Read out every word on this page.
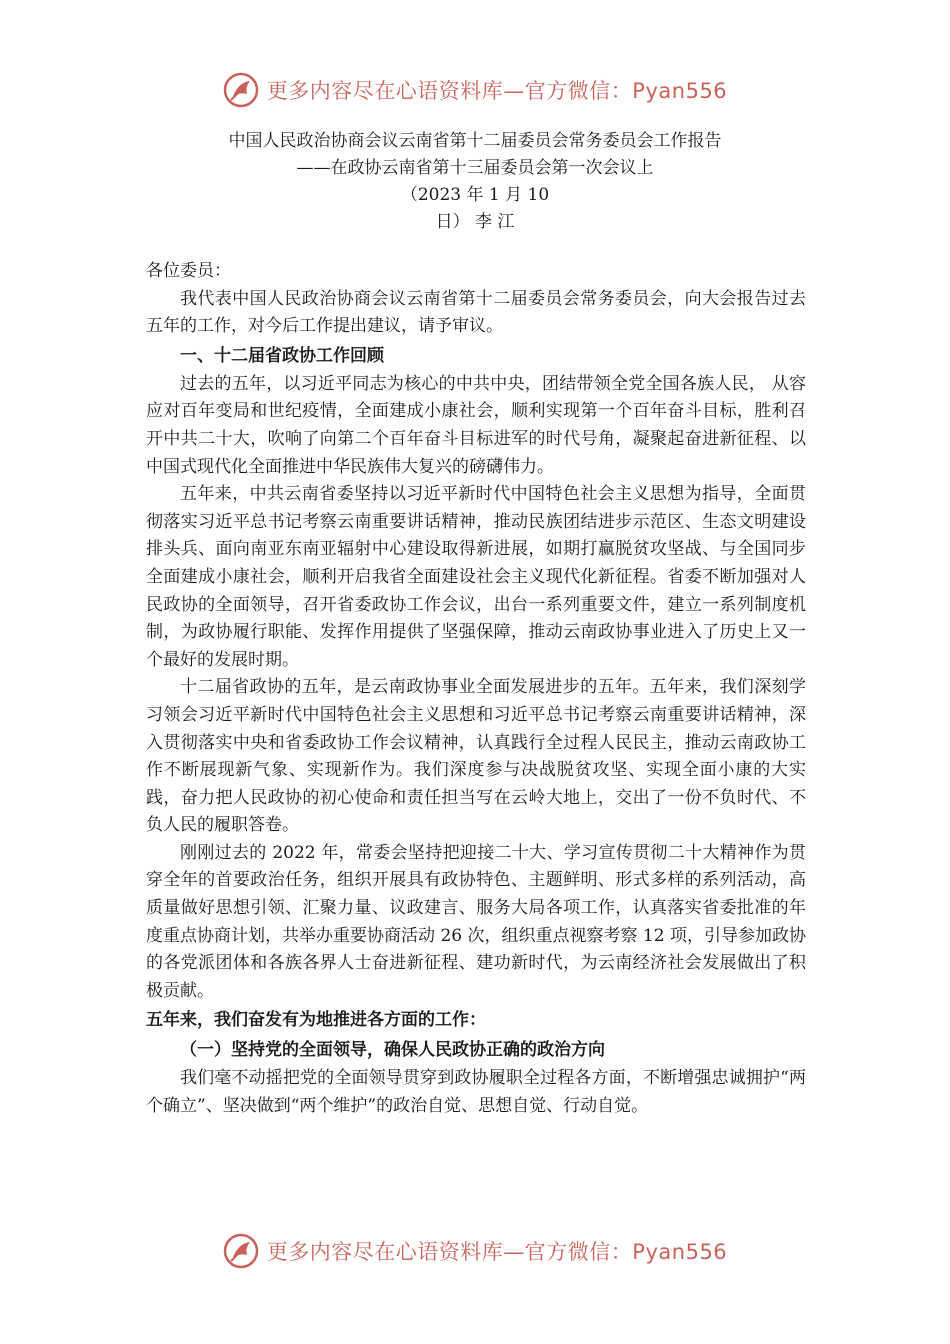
更多内容尽在心语资料库—官方微信：Pyan556
中国人民政治协商会议云南省第十二届委员会常务委员会工作报告
——在政协云南省第十三届委员会第一次会议上
（2023 年 1 月 10
日） 李 江

各位委员：

我代表中国人民政治协商会议云南省第十二届委员会常务委员会，向大会报告过去五年的工作，对今后工作提出建议，请予审议。

一、十二届省政协工作回顾

过去的五年，以习近平同志为核心的中共中央，团结带领全党全国各族人民， 从容应对百年变局和世纪疫情，全面建成小康社会，顺利实现第一个百年奋斗目标，胜利召开中共二十大，吹响了向第二个百年奋斗目标进军的时代号角，凝聚起奋进新征程、以中国式现代化全面推进中华民族伟大复兴的磅礴伟力。

五年来，中共云南省委坚持以习近平新时代中国特色社会主义思想为指导，全面贯彻落实习近平总书记考察云南重要讲话精神，推动民族团结进步示范区、生态文明建设排头兵、面向南亚东南亚辐射中心建设取得新进展，如期打赢脱贫攻坚战、与全国同步全面建成小康社会，顺利开启我省全面建设社会主义现代化新征程。省委不断加强对人民政协的全面领导，召开省委政协工作会议，出台一系列重要文件，建立一系列制度机制，为政协履行职能、发挥作用提供了坚强保障，推动云南政协事业进入了历史上又一个最好的发展时期。

十二届省政协的五年，是云南政协事业全面发展进步的五年。五年来，我们深刻学习领会习近平新时代中国特色社会主义思想和习近平总书记考察云南重要讲话精神，深入贯彻落实中央和省委政协工作会议精神，认真践行全过程人民民主，推动云南政协工作不断展现新气象、实现新作为。我们深度参与决战脱贫攻坚、实现全面小康的大实践，奋力把人民政协的初心使命和责任担当写在云岭大地上，交出了一份不负时代、不负人民的履职答卷。

刚刚过去的 2022 年，常委会坚持把迎接二十大、学习宣传贯彻二十大精神作为贯穿全年的首要政治任务，组织开展具有政协特色、主题鲜明、形式多样的系列活动，高质量做好思想引领、汇聚力量、议政建言、服务大局各项工作，认真落实省委批准的年度重点协商计划，共举办重要协商活动 26 次，组织重点视察考察 12 项，引导参加政协的各党派团体和各族各界人士奋进新征程、建功新时代，为云南经济社会发展做出了积极贡献。

五年来，我们奋发有为地推进各方面的工作：
（一）坚持党的全面领导，确保人民政协正确的政治方向

我们毫不动摇把党的全面领导贯穿到政协履职全过程各方面，不断增强忠诚拥护“两个确立”、坚决做到“两个维护”的政治自觉、思想自觉、行动自觉。

更多内容尽在心语资料库—官方微信：Pyan556
